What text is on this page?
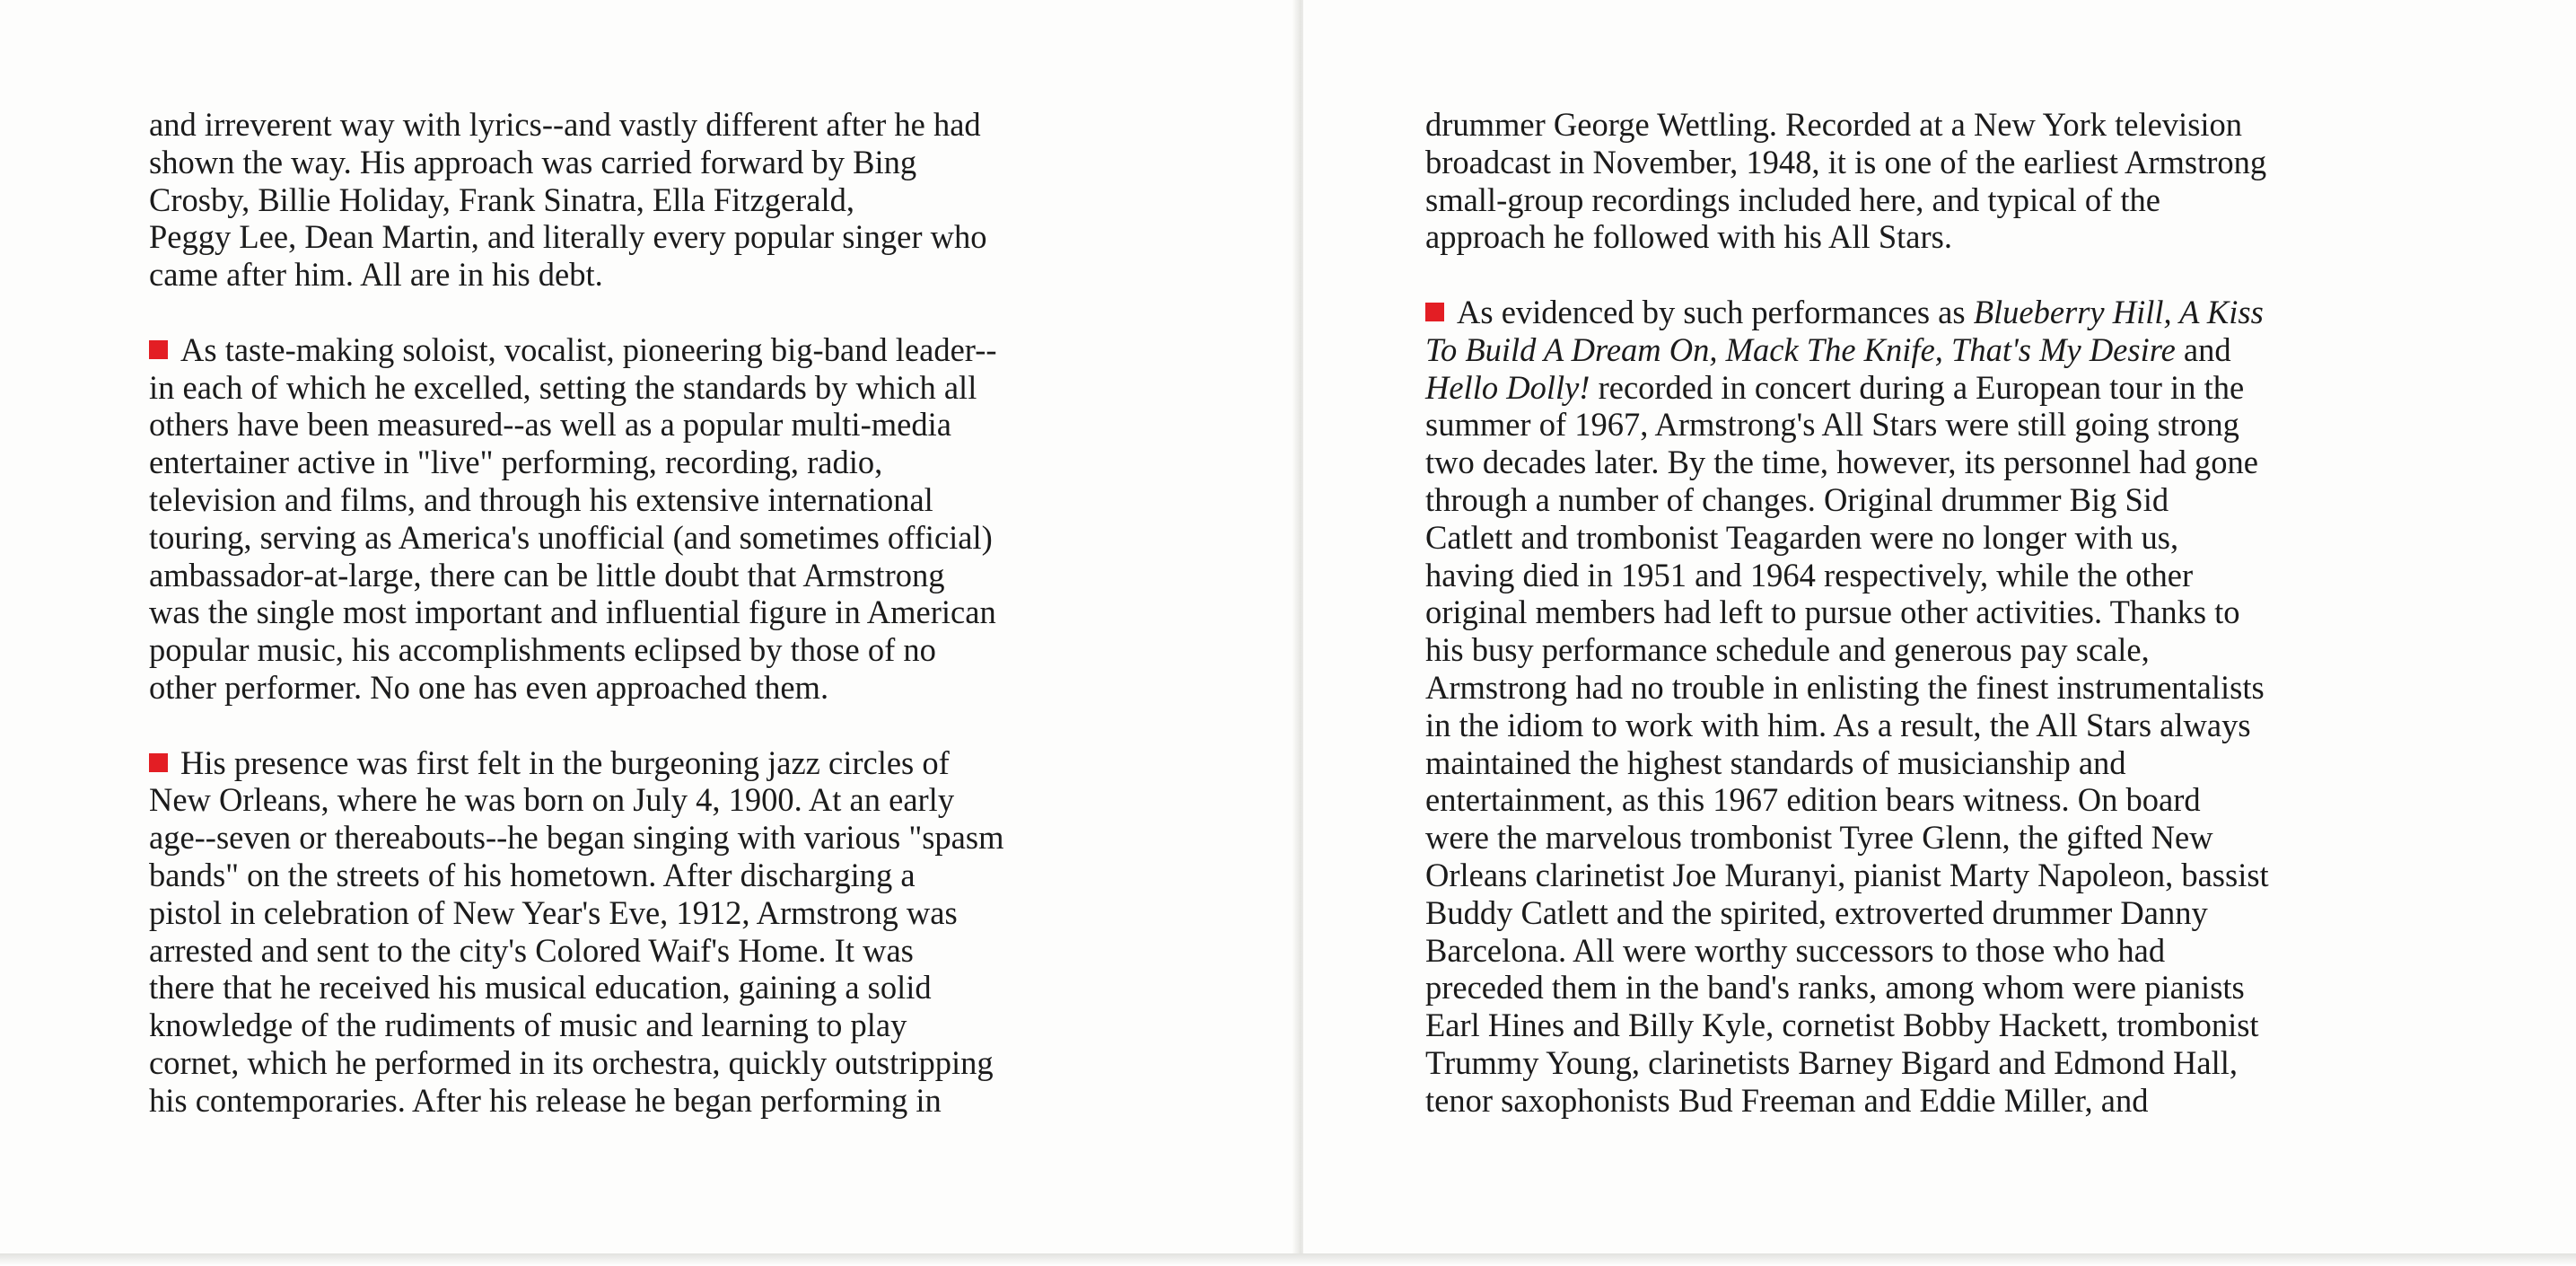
and irreverent way with lyrics--and vastly different after he had
shown the way. His approach was carried forward by Bing
Crosby, Billie Holiday, Frank Sinatra, Ella Fitzgerald,
Peggy Lee, Dean Martin, and literally every popular singer who
came after him. All are in his debt.
As taste-making soloist, vocalist, pioneering big-band leader--
in each of which he excelled, setting the standards by which all
others have been measured--as well as a popular multi-media
entertainer active in "live" performing, recording, radio,
television and films, and through his extensive international
touring, serving as America's unofficial (and sometimes official)
ambassador-at-large, there can be little doubt that Armstrong
was the single most important and influential figure in American
popular music, his accomplishments eclipsed by those of no
other performer. No one has even approached them.
His presence was first felt in the burgeoning jazz circles of
New Orleans, where he was born on July 4, 1900. At an early
age--seven or thereabouts--he began singing with various "spasm
bands" on the streets of his hometown. After discharging a
pistol in celebration of New Year's Eve, 1912, Armstrong was
arrested and sent to the city's Colored Waif's Home. It was
there that he received his musical education, gaining a solid
knowledge of the rudiments of music and learning to play
cornet, which he performed in its orchestra, quickly outstripping
his contemporaries. After his release he began performing in
drummer George Wettling. Recorded at a New York television
broadcast in November, 1948, it is one of the earliest Armstrong
small-group recordings included here, and typical of the
approach he followed with his All Stars.
As evidenced by such performances as Blueberry Hill, A Kiss
To Build A Dream On, Mack The Knife, That's My Desire and
Hello Dolly! recorded in concert during a European tour in the
summer of 1967, Armstrong's All Stars were still going strong
two decades later. By the time, however, its personnel had gone
through a number of changes. Original drummer Big Sid
Catlett and trombonist Teagarden were no longer with us,
having died in 1951 and 1964 respectively, while the other
original members had left to pursue other activities. Thanks to
his busy performance schedule and generous pay scale,
Armstrong had no trouble in enlisting the finest instrumentalists
in the idiom to work with him. As a result, the All Stars always
maintained the highest standards of musicianship and
entertainment, as this 1967 edition bears witness. On board
were the marvelous trombonist Tyree Glenn, the gifted New
Orleans clarinetist Joe Muranyi, pianist Marty Napoleon, bassist
Buddy Catlett and the spirited, extroverted drummer Danny
Barcelona. All were worthy successors to those who had
preceded them in the band's ranks, among whom were pianists
Earl Hines and Billy Kyle, cornetist Bobby Hackett, trombonist
Trummy Young, clarinetists Barney Bigard and Edmond Hall,
tenor saxophonists Bud Freeman and Eddie Miller, and
